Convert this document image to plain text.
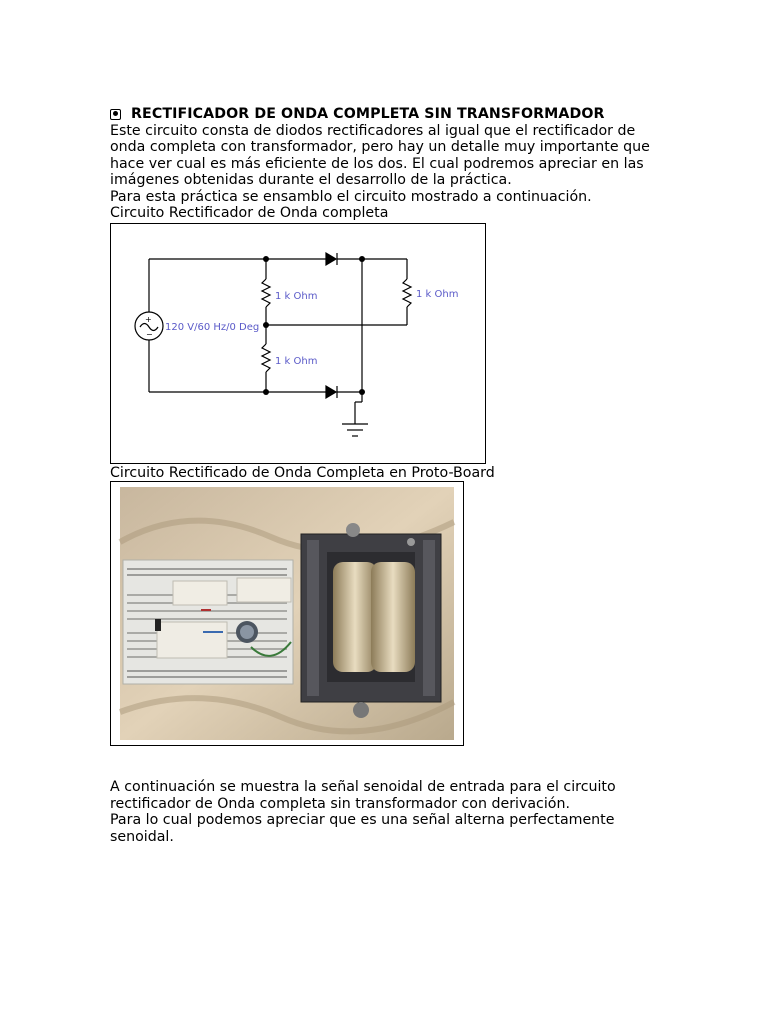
RECTIFICADOR DE ONDA COMPLETA SIN TRANSFORMADOR

Este circuito consta de diodos rectificadores al igual que el rectificador de onda completa con transformador, pero hay un detalle muy importante que hace ver cual es más eficiente de los dos. El cual podremos apreciar en las imágenes obtenidas durante el desarrollo de la práctica.

Para esta práctica se ensamblo el circuito mostrado a continuación.

Circuito Rectificador de Onda completa

+
−
120 V/60 Hz/0 Deg
1 k Ohm
1 k Ohm
1 k Ohm
Circuito Rectificado de Onda Completa en Proto-Board

A continuación se muestra la señal senoidal de entrada para el circuito rectificador de Onda completa sin transformador con derivación.

Para lo cual podemos apreciar que es una señal alterna perfectamente senoidal.
